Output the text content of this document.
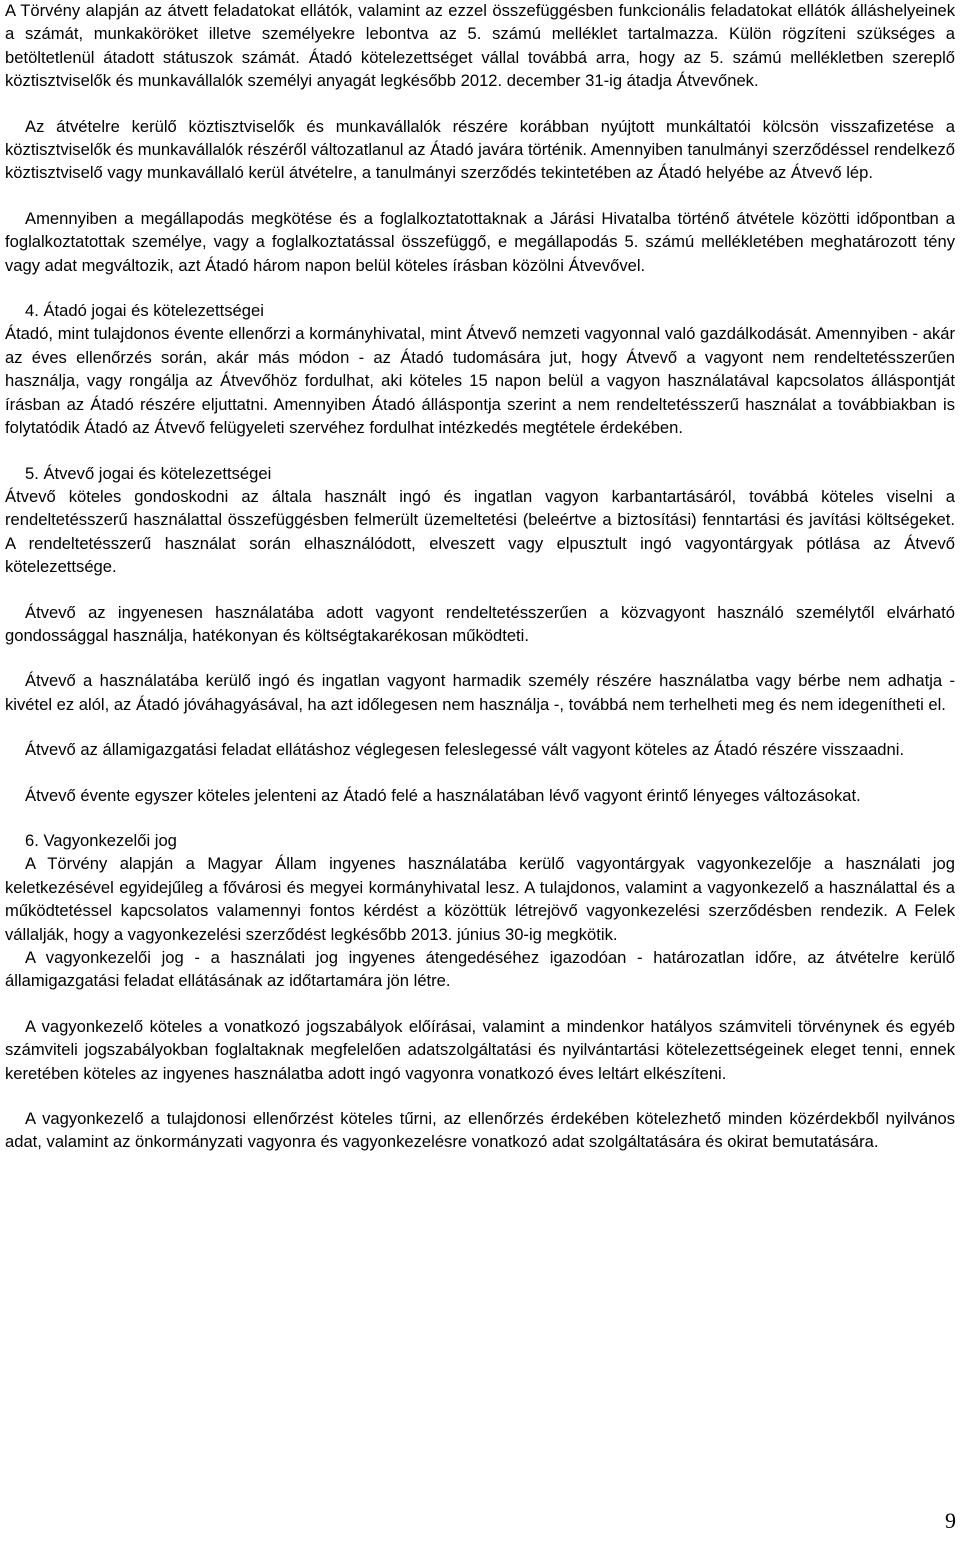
A Törvény alapján az átvett feladatokat ellátók, valamint az ezzel összefüggésben funkcionális feladatokat ellátók álláshelyeinek a számát, munkaköröket illetve személyekre lebontva az 5. számú melléklet tartalmazza. Külön rögzíteni szükséges a betöltetlenül átadott státuszok számát. Átadó kötelezettséget vállal továbbá arra, hogy az 5. számú mellékletben szereplő köztisztviselők és munkavállalók személyi anyagát legkésőbb 2012. december 31-ig átadja Átvevőnek.

Az átvételre kerülő köztisztviselők és munkavállalók részére korábban nyújtott munkáltatói kölcsön visszafizetése a köztisztviselők és munkavállalók részéről változatlanul az Átadó javára történik. Amennyiben tanulmányi szerződéssel rendelkező köztisztviselő vagy munkavállaló kerül átvételre, a tanulmányi szerződés tekintetében az Átadó helyébe az Átvevő lép.

Amennyiben a megállapodás megkötése és a foglalkoztatottaknak a Járási Hivatalba történő átvétele közötti időpontban a foglalkoztatottak személye, vagy a foglalkoztatással összefüggő, e megállapodás 5. számú mellékletében meghatározott tény vagy adat megváltozik, azt Átadó három napon belül köteles írásban közölni Átvevővel.

4. Átadó jogai és kötelezettségei

Átadó, mint tulajdonos évente ellenőrzi a kormányhivatal, mint Átvevő nemzeti vagyonnal való gazdálkodását. Amennyiben - akár az éves ellenőrzés során, akár más módon - az Átadó tudomására jut, hogy Átvevő a vagyont nem rendeltetésszerűen használja, vagy rongálja az Átvevőhöz fordulhat, aki köteles 15 napon belül a vagyon használatával kapcsolatos álláspontját írásban az Átadó részére eljuttatni. Amennyiben Átadó álláspontja szerint a nem rendeltetésszerű használat a továbbiakban is folytatódik Átadó az Átvevő felügyeleti szervéhez fordulhat intézkedés megtétele érdekében.

5. Átvevő jogai és kötelezettségei

Átvevő köteles gondoskodni az általa használt ingó és ingatlan vagyon karbantartásáról, továbbá köteles viselni a rendeltetésszerű használattal összefüggésben felmerült üzemeltetési (beleértve a biztosítási) fenntartási és javítási költségeket. A rendeltetésszerű használat során elhasználódott, elveszett vagy elpusztult ingó vagyontárgyak pótlása az Átvevő kötelezettsége.

Átvevő az ingyenesen használatába adott vagyont rendeltetésszerűen a közvagyont használó személytől elvárható gondossággal használja, hatékonyan és költségtakarékosan működteti.

Átvevő a használatába kerülő ingó és ingatlan vagyont harmadik személy részére használatba vagy bérbe nem adhatja - kivétel ez alól, az Átadó jóváhagyásával, ha azt időlegesen nem használja -, továbbá nem terhelheti meg és nem idegenítheti el.

Átvevő az államigazgatási feladat ellátáshoz véglegesen feleslegessé vált vagyont köteles az Átadó részére visszaadni.

Átvevő évente egyszer köteles jelenteni az Átadó felé a használatában lévő vagyont érintő lényeges változásokat.

6. Vagyonkezelői jog

A Törvény alapján a Magyar Állam ingyenes használatába kerülő vagyontárgyak vagyonkezelője a használati jog keletkezésével egyidejűleg a fővárosi és megyei kormányhivatal lesz. A tulajdonos, valamint a vagyonkezelő a használattal és a működtetéssel kapcsolatos valamennyi fontos kérdést a közöttük létrejövő vagyonkezelési szerződésben rendezik. A Felek vállalják, hogy a vagyonkezelési szerződést legkésőbb 2013. június 30-ig megkötik.

A vagyonkezelői jog - a használati jog ingyenes átengedéséhez igazodóan - határozatlan időre, az átvételre kerülő államigazgatási feladat ellátásának az időtartamára jön létre.

A vagyonkezelő köteles a vonatkozó jogszabályok előírásai, valamint a mindenkor hatályos számviteli törvénynek és egyéb számviteli jogszabályokban foglaltaknak megfelelően adatszolgáltatási és nyilvántartási kötelezettségeinek eleget tenni, ennek keretében köteles az ingyenes használatba adott ingó vagyonra vonatkozó éves leltárt elkészíteni.

A vagyonkezelő a tulajdonosi ellenőrzést köteles tűrni, az ellenőrzés érdekében kötelezhető minden közérdekből nyilvános adat, valamint az önkormányzati vagyonra és vagyonkezelésre vonatkozó adat szolgáltatására és okirat bemutatására.

9
